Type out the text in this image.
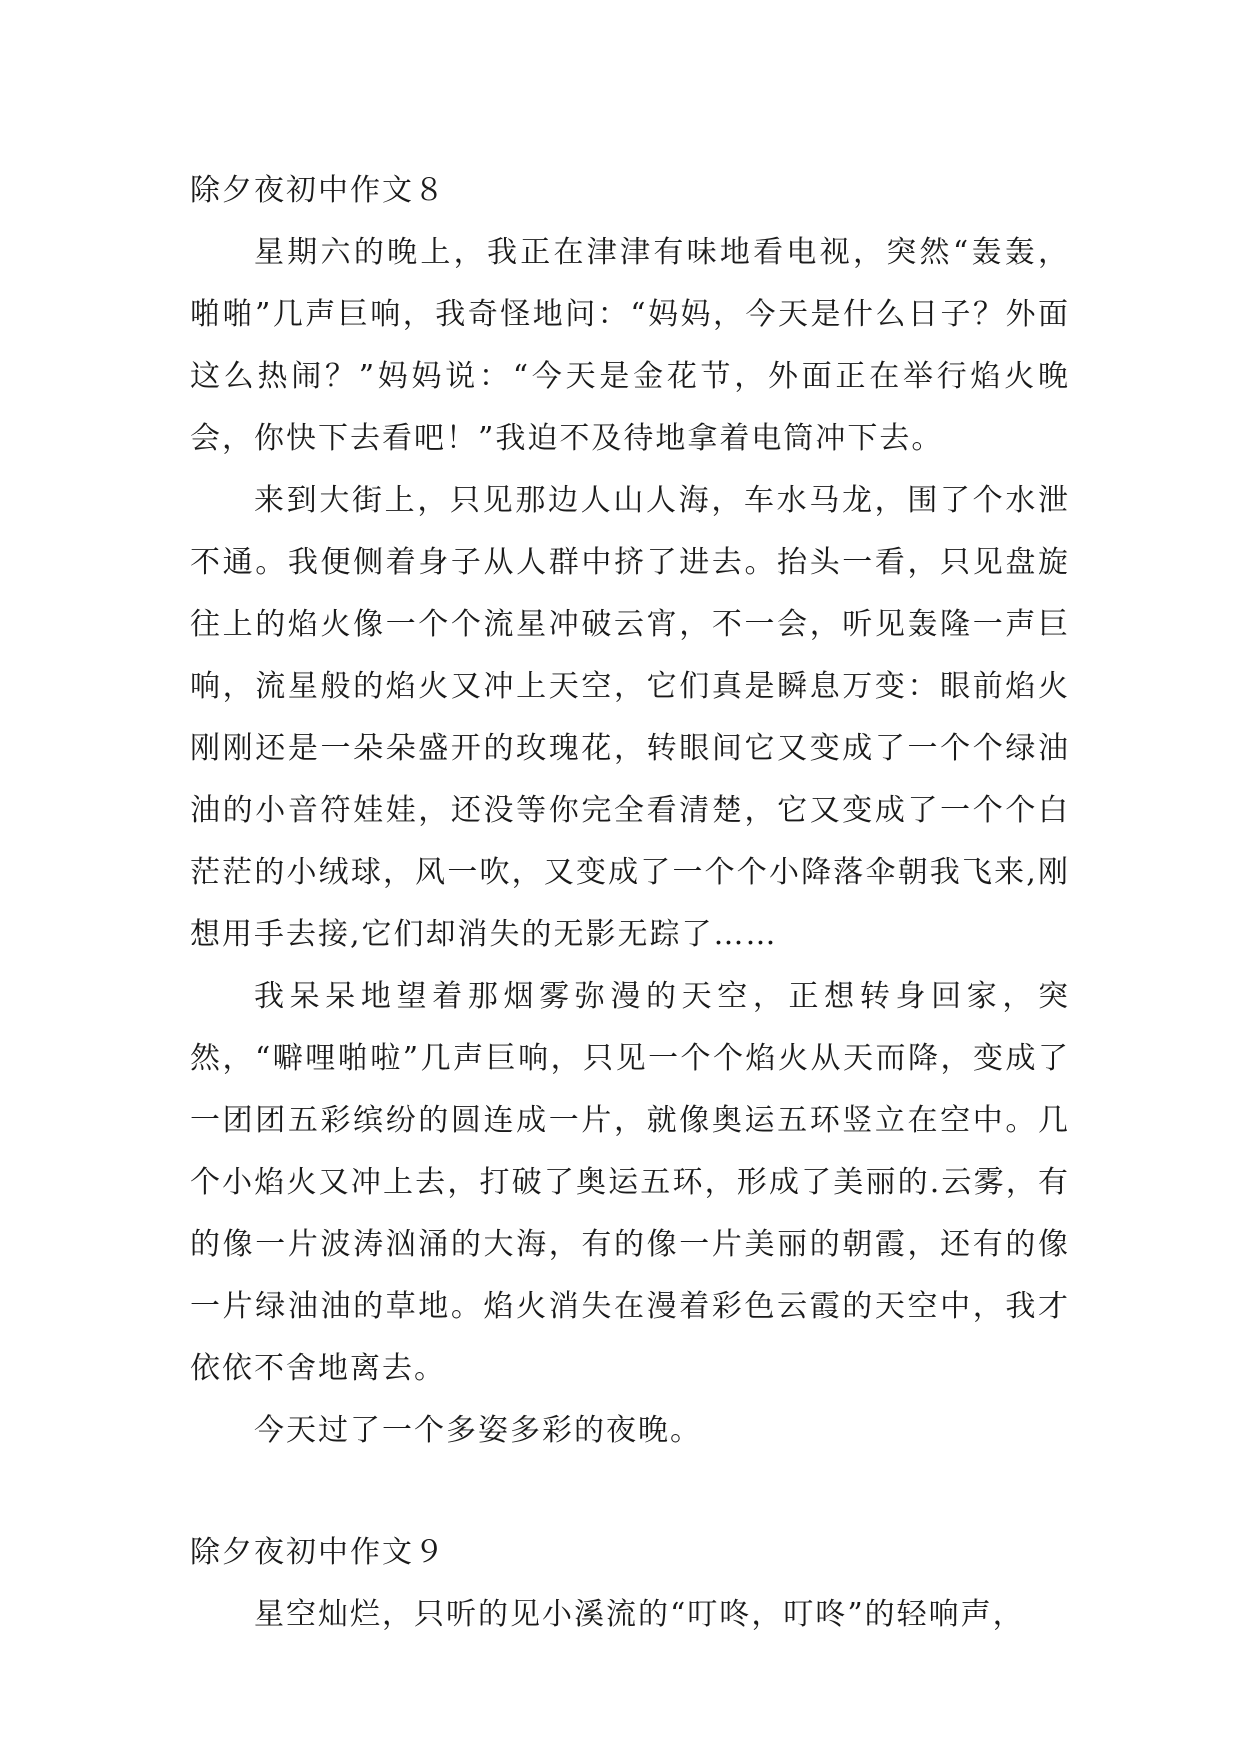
除夕夜初中作文８

星期六的晚上，我正在津津有味地看电视，突然“轰轰，啪啪”几声巨响，我奇怪地问：“妈妈，今天是什么日子？外面这么热闹？”妈妈说：“今天是金花节，外面正在举行焰火晚会，你快下去看吧！”我迫不及待地拿着电筒冲下去。

来到大街上，只见那边人山人海，车水马龙，围了个水泄不通。我便侧着身子从人群中挤了进去。抬头一看，只见盘旋往上的焰火像一个个流星冲破云宵，不一会，听见轰隆一声巨响，流星般的焰火又冲上天空，它们真是瞬息万变：眼前焰火刚刚还是一朵朵盛开的玫瑰花，转眼间它又变成了一个个绿油油的小音符娃娃，还没等你完全看清楚，它又变成了一个个白茫茫的小绒球，风一吹，又变成了一个个小降落伞朝我飞来,刚想用手去接,它们却消失的无影无踪了……

我呆呆地望着那烟雾弥漫的天空，正想转身回家，突然，“噼哩啪啦”几声巨响，只见一个个焰火从天而降，变成了一团团五彩缤纷的圆连成一片，就像奥运五环竖立在空中。几个小焰火又冲上去，打破了奥运五环，形成了美丽的.云雾，有的像一片波涛汹涌的大海，有的像一片美丽的朝霞，还有的像一片绿油油的草地。焰火消失在漫着彩色云霞的天空中，我才依依不舍地离去。

今天过了一个多姿多彩的夜晚。

除夕夜初中作文９

星空灿烂，只听的见小溪流的“叮咚，叮咚”的轻响声，
